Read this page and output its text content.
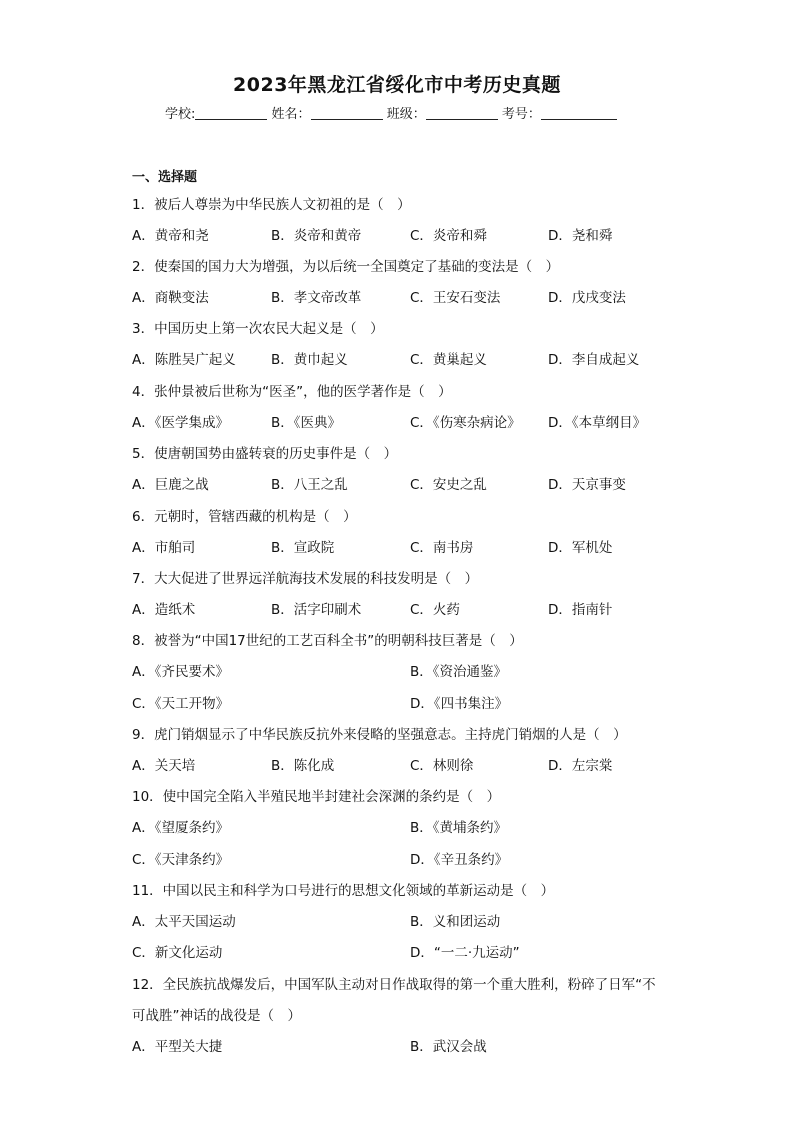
2023年黑龙江省绥化市中考历史真题
学校:	姓名：	班级：	考号：
一、选择题
1．被后人尊崇为中华民族人文初祖的是（　）
A．黄帝和尧	B．炎帝和黄帝	C．炎帝和舜	D．尧和舜
2．使秦国的国力大为增强，为以后统一全国奠定了基础的变法是（　）
A．商鞅变法	B．孝文帝改革	C．王安石变法	D．戊戌变法
3．中国历史上第一次农民大起义是（　）
A．陈胜吴广起义	B．黄巾起义	C．黄巢起义	D．李自成起义
4．张仲景被后世称为“医圣”，他的医学著作是（　）
A．《医学集成》	B．《医典》	C．《伤寒杂病论》 D．《本草纲目》
5．使唐朝国势由盛转衰的历史事件是（　）
A．巨鹿之战	B．八王之乱	C．安史之乱	D．天京事变
6．元朝时，管辖西藏的机构是（　）
A．市舶司	B．宣政院	C．南书房	D．军机处
7．大大促进了世界远洋航海技术发展的科技发明是（　）
A．造纸术	B．活字印刷术	C．火药	D．指南针
8．被誉为“中国17世纪的工艺百科全书”的明朝科技巨著是（　）
A．《齐民要术》	B．《资治通鉴》
C．《天工开物》	D．《四书集注》
9．虎门销烟显示了中华民族反抗外来侵略的坚强意志。主持虎门销烟的人是（　）
A．关天培	B．陈化成	C．林则徐	D．左宗棠
10．使中国完全陷入半殖民地半封建社会深渊的条约是（　）
A．《望厦条约》	B．《黄埔条约》
C．《天津条约》	D．《辛丑条约》
11．中国以民主和科学为口号进行的思想文化领域的革新运动是（　）
A．太平天国运动	B．义和团运动
C．新文化运动	D．“一二·九运动”
12．全民族抗战爆发后，中国军队主动对日作战取得的第一个重大胜利，粉碎了日军“不
可战胜”神话的战役是（　）
A．平型关大捷	B．武汉会战
